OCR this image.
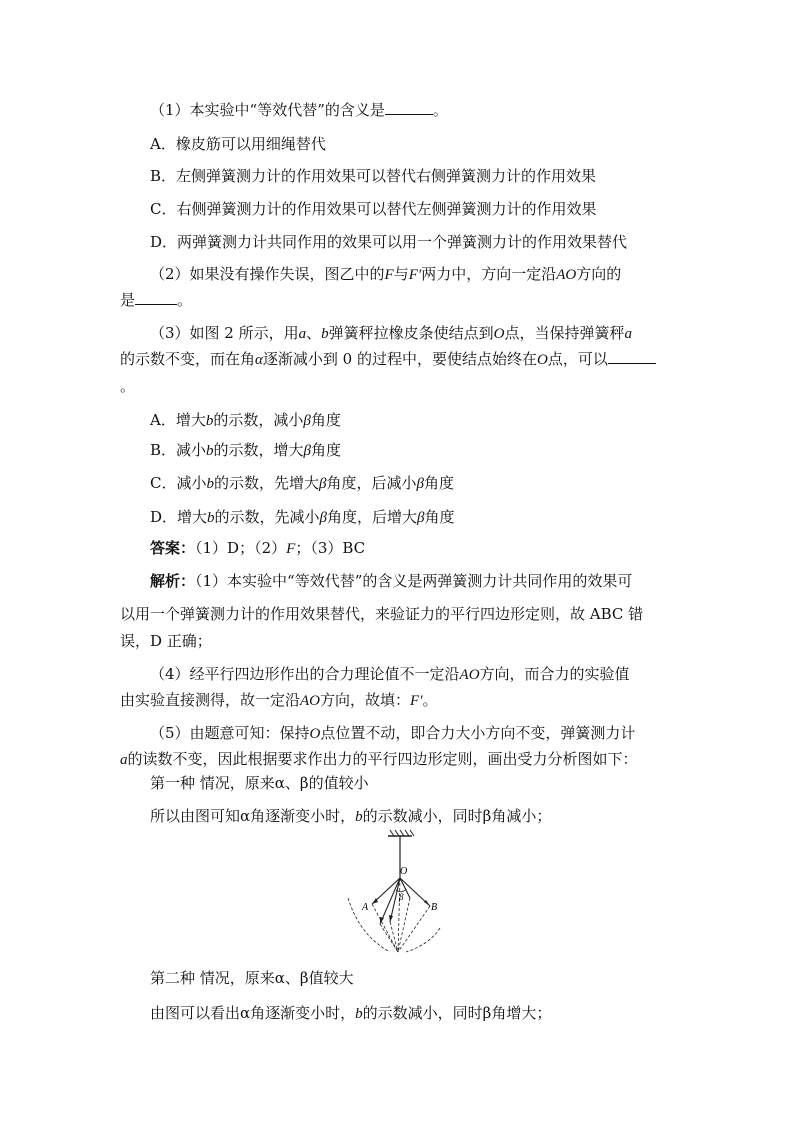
（1）本实验中“等效代替”的含义是	。
A．橡皮筋可以用细绳替代
B．左侧弹簧测力计的作用效果可以替代右侧弹簧测力计的作用效果
C．右侧弹簧测力计的作用效果可以替代左侧弹簧测力计的作用效果
D．两弹簧测力计共同作用的效果可以用一个弹簧测力计的作用效果替代
（2）如果没有操作失误，图乙中的F与F′两力中，方向一定沿AO方向的
是	。
（3）如图 2 所示，用a、b弹簧秤拉橡皮条使结点到O点，当保持弹簧秤a
的示数不变，而在角α逐渐减小到 0 的过程中，要使结点始终在O点，可以
。
A．增大b的示数，减小β角度
B．减小b的示数，增大β角度
C．减小b的示数，先增大β角度，后减小β角度
D．增大b的示数，先减小β角度，后增大β角度
答案：（1）D；（2）F；（3）BC
解析：（1）本实验中“等效代替”的含义是两弹簧测力计共同作用的效果可
以用一个弹簧测力计的作用效果替代，来验证力的平行四边形定则，故 ABC 错
误，D 正确；
（4）经平行四边形作出的合力理论值不一定沿AO方向，而合力的实验值
由实验直接测得，故一定沿AO方向，故填：F′。
（5）由题意可知：保持O点位置不动，即合力大小方向不变，弹簧测力计
a的读数不变，因此根据要求作出力的平行四边形定则，画出受力分析图如下：
第一种 情况，原来α、β的值较小
所以由图可知α角逐渐变小时，b的示数减小，同时β角减小；
O
A	B
β
第二种 情况，原来α、β值较大
由图可以看出α角逐渐变小时，b的示数减小，同时β角增大；
